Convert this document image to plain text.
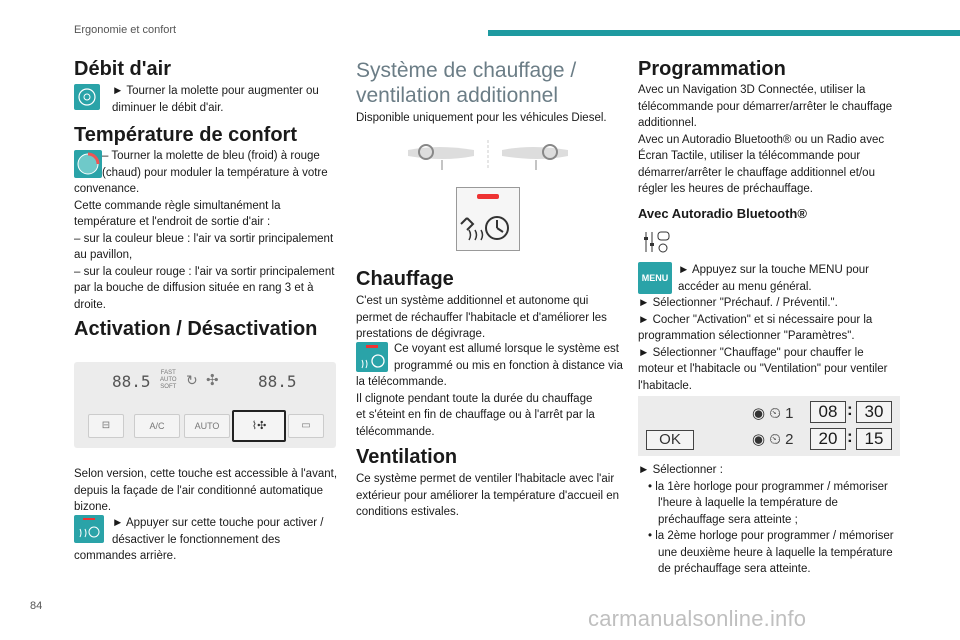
Ergonomie et confort
84	carmanualsonline.info
Débit d'air
► Tourner la molette pour augmenter ou
diminuer le débit d'air.
Température de confort
– Tourner la molette de bleu (froid) à rouge
(chaud) pour moduler la température à votre
convenance.
Cette commande règle simultanément la
température et l'endroit de sortie d'air :
– sur la couleur bleue : l'air va sortir principalement
au pavillon,
– sur la couleur rouge : l'air va sortir principalement
par la bouche de diffusion située en rang 3 et à
droite.
Activation / Désactivation
88.5 FAST
AUTO
SOFT ↻ ✣ 88.5
⊟	A/C	AUTO	⌇✣	▭
Selon version, cette touche est accessible à l'avant,
depuis la façade de l'air conditionné automatique
bizone.
► Appuyer sur cette touche pour activer /
désactiver le fonctionnement des
commandes arrière.
Système de chauffage /
ventilation additionnel
Disponible uniquement pour les véhicules Diesel.
Chauffage
C'est un système additionnel et autonome qui
permet de réchauffer l'habitacle et d'améliorer les
prestations de dégivrage.
Ce voyant est allumé lorsque le système est
programmé ou mis en fonction à distance via
la télécommande.
Il clignote pendant toute la durée du chauffage
et s'éteint en fin de chauffage ou à l'arrêt par la
télécommande.
Ventilation
Ce système permet de ventiler l'habitacle avec l'air
extérieur pour améliorer la température d'accueil en
conditions estivales.
Programmation
Avec un Navigation 3D Connectée, utiliser la
télécommande pour démarrer/arrêter le chauffage
additionnel.
Avec un Autoradio Bluetooth® ou un Radio avec
Écran Tactile, utiliser la télécommande pour
démarrer/arrêter le chauffage additionnel et/ou
régler les heures de préchauffage.
Avec Autoradio Bluetooth®
MENU
► Appuyez sur la touche MENU pour
accéder au menu général.
► Sélectionner "Préchauf. / Préventil.".
► Cocher "Activation" et si nécessaire pour la
programmation sélectionner "Paramètres".
► Sélectionner "Chauffage" pour chauffer le
moteur et l'habitacle ou "Ventilation" pour ventiler
l'habitacle.
OK
◉ ⏲ 1	08 : 30
◉ ⏲ 2	20 : 15
► Sélectionner :
• la 1ère horloge pour programmer / mémoriser
l'heure à laquelle la température de
préchauffage sera atteinte ;
• la 2ème horloge pour programmer / mémoriser
une deuxième heure à laquelle la température
de préchauffage sera atteinte.
